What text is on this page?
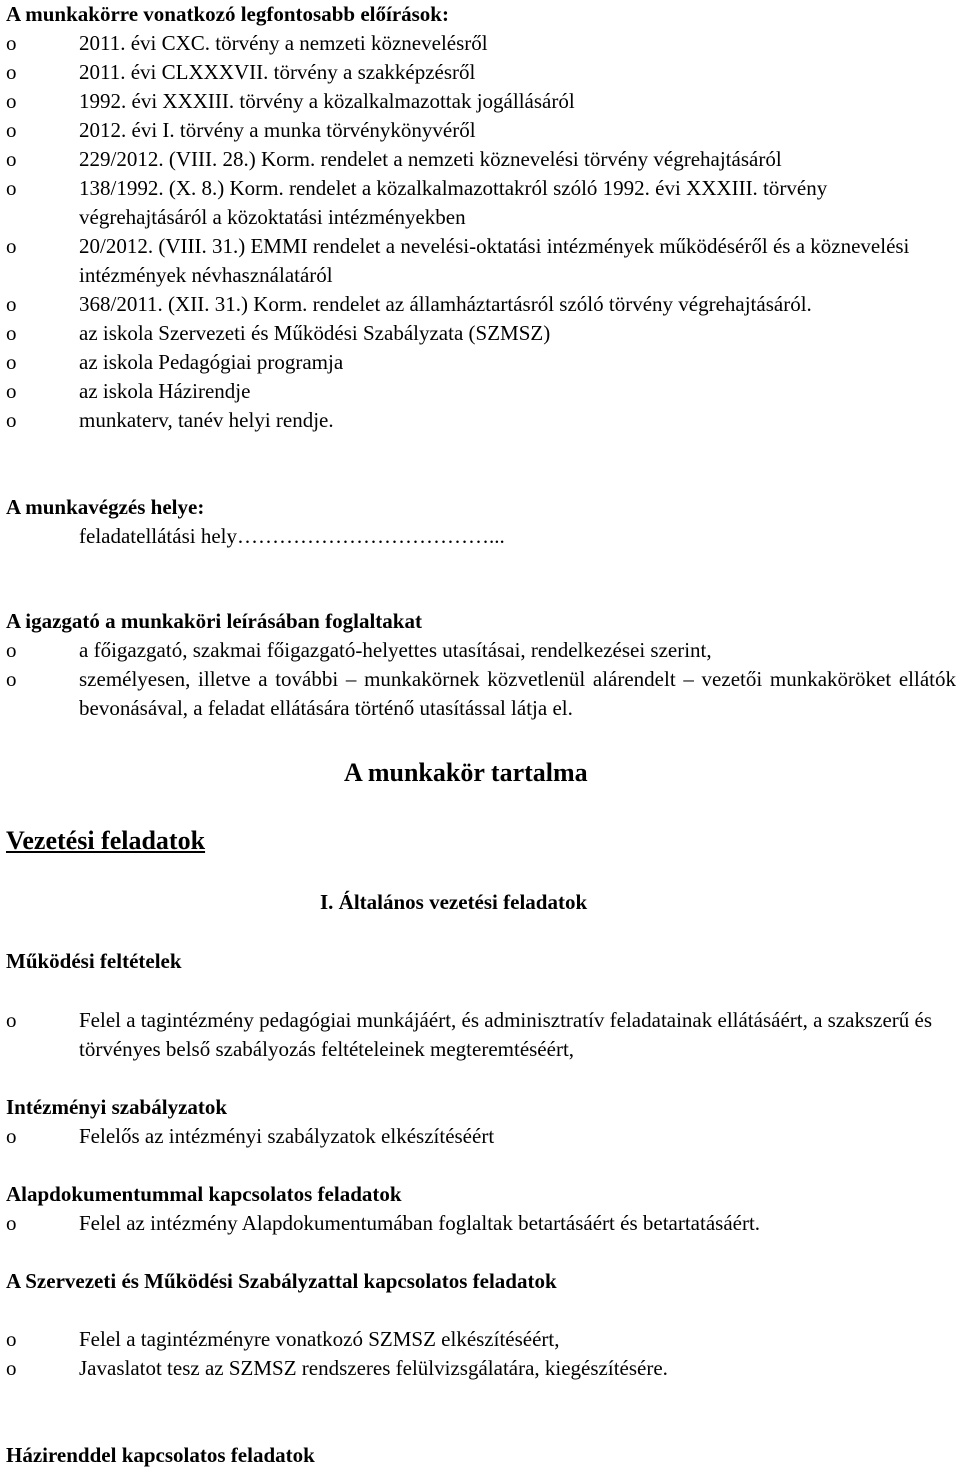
A munkakörre vonatkozó legfontosabb előírások:
o	2011. évi CXC. törvény a nemzeti köznevelésről
o	2011. évi CLXXXVII. törvény a szakképzésről
o	1992. évi XXXIII. törvény a közalkalmazottak jogállásáról
o	2012. évi I. törvény a munka törvénykönyvéről
o	229/2012. (VIII. 28.) Korm. rendelet a nemzeti köznevelési törvény végrehajtásáról
o	138/1992. (X. 8.) Korm. rendelet a közalkalmazottakról szóló 1992. évi XXXIII. törvény végrehajtásáról a közoktatási intézményekben
o	20/2012. (VIII. 31.) EMMI rendelet a nevelési-oktatási intézmények működéséről és a köznevelési intézmények névhasználatáról
o	368/2011. (XII. 31.) Korm. rendelet az államháztartásról szóló törvény végrehajtásáról.
o	az iskola Szervezeti és Működési Szabályzata (SZMSZ)
o	az iskola Pedagógiai programja
o	az iskola Házirendje
o	munkaterv, tanév helyi rendje.
A munkavégzés helye:
feladatellátási hely………………………………...
A igazgató a munkaköri leírásában foglaltakat
o	a főigazgató, szakmai főigazgató-helyettes utasításai, rendelkezései szerint,
o	személyesen, illetve a további – munkakörnek közvetlenül alárendelt – vezetői munkaköröket ellátók bevonásával, a feladat ellátására történő utasítással látja el.
A munkakör tartalma
Vezetési feladatok
I. Általános vezetési feladatok
Működési feltételek
o	Felel a tagintézmény pedagógiai munkájáért, és adminisztratív feladatainak ellátásáért, a szakszerű és törvényes belső szabályozás feltételeinek megteremtéséért,
Intézményi szabályzatok
o	Felelős az intézményi szabályzatok elkészítéséért
Alapdokumentummal kapcsolatos feladatok
o	Felel az intézmény Alapdokumentumában foglaltak betartásáért és betartatásáért.
A Szervezeti és Működési Szabályzattal kapcsolatos feladatok
o	Felel a tagintézményre vonatkozó SZMSZ elkészítéséért,
o	Javaslatot tesz az SZMSZ rendszeres felülvizsgálatára, kiegészítésére.
Házirenddel kapcsolatos feladatok
